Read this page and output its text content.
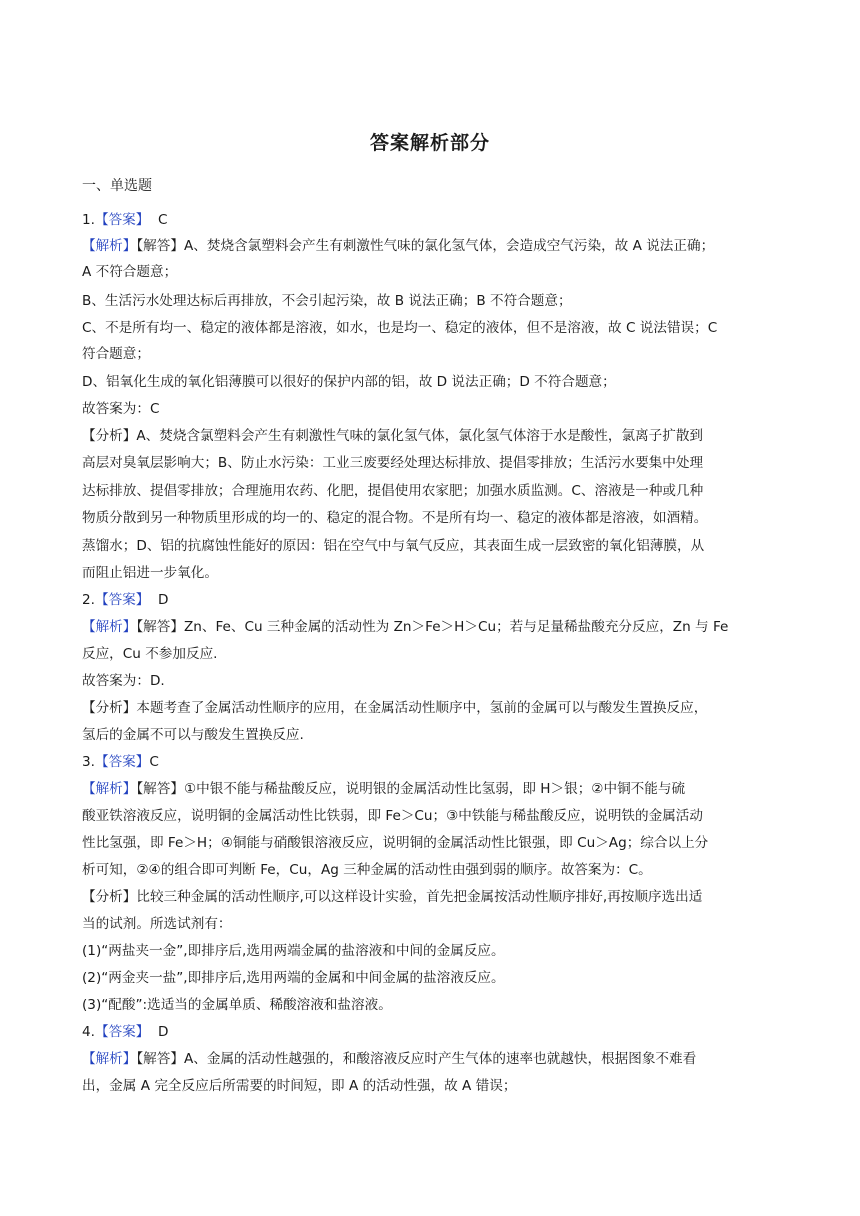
答案解析部分
一、单选题
1.【答案】 C
【解析】【解答】A、焚烧含氯塑料会产生有刺激性气味的氯化氢气体，会造成空气污染，故 A 说法正确；
A 不符合题意；
B、生活污水处理达标后再排放，不会引起污染，故 B 说法正确；B 不符合题意；
C、不是所有均一、稳定的液体都是溶液，如水，也是均一、稳定的液体，但不是溶液，故 C 说法错误；C
符合题意；
D、铝氧化生成的氧化铝薄膜可以很好的保护内部的铝，故 D 说法正确；D 不符合题意；
故答案为：C
【分析】A、焚烧含氯塑料会产生有刺激性气味的氯化氢气体，氯化氢气体溶于水是酸性，氯离子扩散到
高层对臭氧层影响大；B、防止水污染：工业三废要经处理达标排放、提倡零排放；生活污水要集中处理
达标排放、提倡零排放；合理施用农药、化肥，提倡使用农家肥；加强水质监测。C、溶液是一种或几种
物质分散到另一种物质里形成的均一的、稳定的混合物。不是所有均一、稳定的液体都是溶液，如酒精。
蒸馏水；D、铝的抗腐蚀性能好的原因：铝在空气中与氧气反应，其表面生成一层致密的氧化铝薄膜，从
而阻止铝进一步氧化。
2.【答案】 D
【解析】【解答】Zn、Fe、Cu 三种金属的活动性为 Zn＞Fe＞H＞Cu；若与足量稀盐酸充分反应，Zn 与 Fe
反应，Cu 不参加反应.
故答案为：D.
【分析】本题考查了金属活动性顺序的应用，在金属活动性顺序中，氢前的金属可以与酸发生置换反应，
氢后的金属不可以与酸发生置换反应.
3.【答案】C
【解析】【解答】①中银不能与稀盐酸反应，说明银的金属活动性比氢弱，即 H＞银；②中铜不能与硫
酸亚铁溶液反应，说明铜的金属活动性比铁弱，即 Fe＞Cu；③中铁能与稀盐酸反应，说明铁的金属活动
性比氢强，即 Fe＞H；④铜能与硝酸银溶液反应，说明铜的金属活动性比银强，即 Cu＞Ag；综合以上分
析可知，②④的组合即可判断 Fe，Cu，Ag 三种金属的活动性由强到弱的顺序。故答案为：C。
【分析】比较三种金属的活动性顺序,可以这样设计实验，首先把金属按活动性顺序排好,再按顺序选出适
当的试剂。所选试剂有：
(1)“两盐夹一金”,即排序后,选用两端金属的盐溶液和中间的金属反应。
(2)“两金夹一盐”,即排序后,选用两端的金属和中间金属的盐溶液反应。
(3)“配酸”:选适当的金属单质、稀酸溶液和盐溶液。
4.【答案】 D
【解析】【解答】A、金属的活动性越强的，和酸溶液反应时产生气体的速率也就越快，根据图象不难看
出，金属 A 完全反应后所需要的时间短，即 A 的活动性强，故 A 错误；
